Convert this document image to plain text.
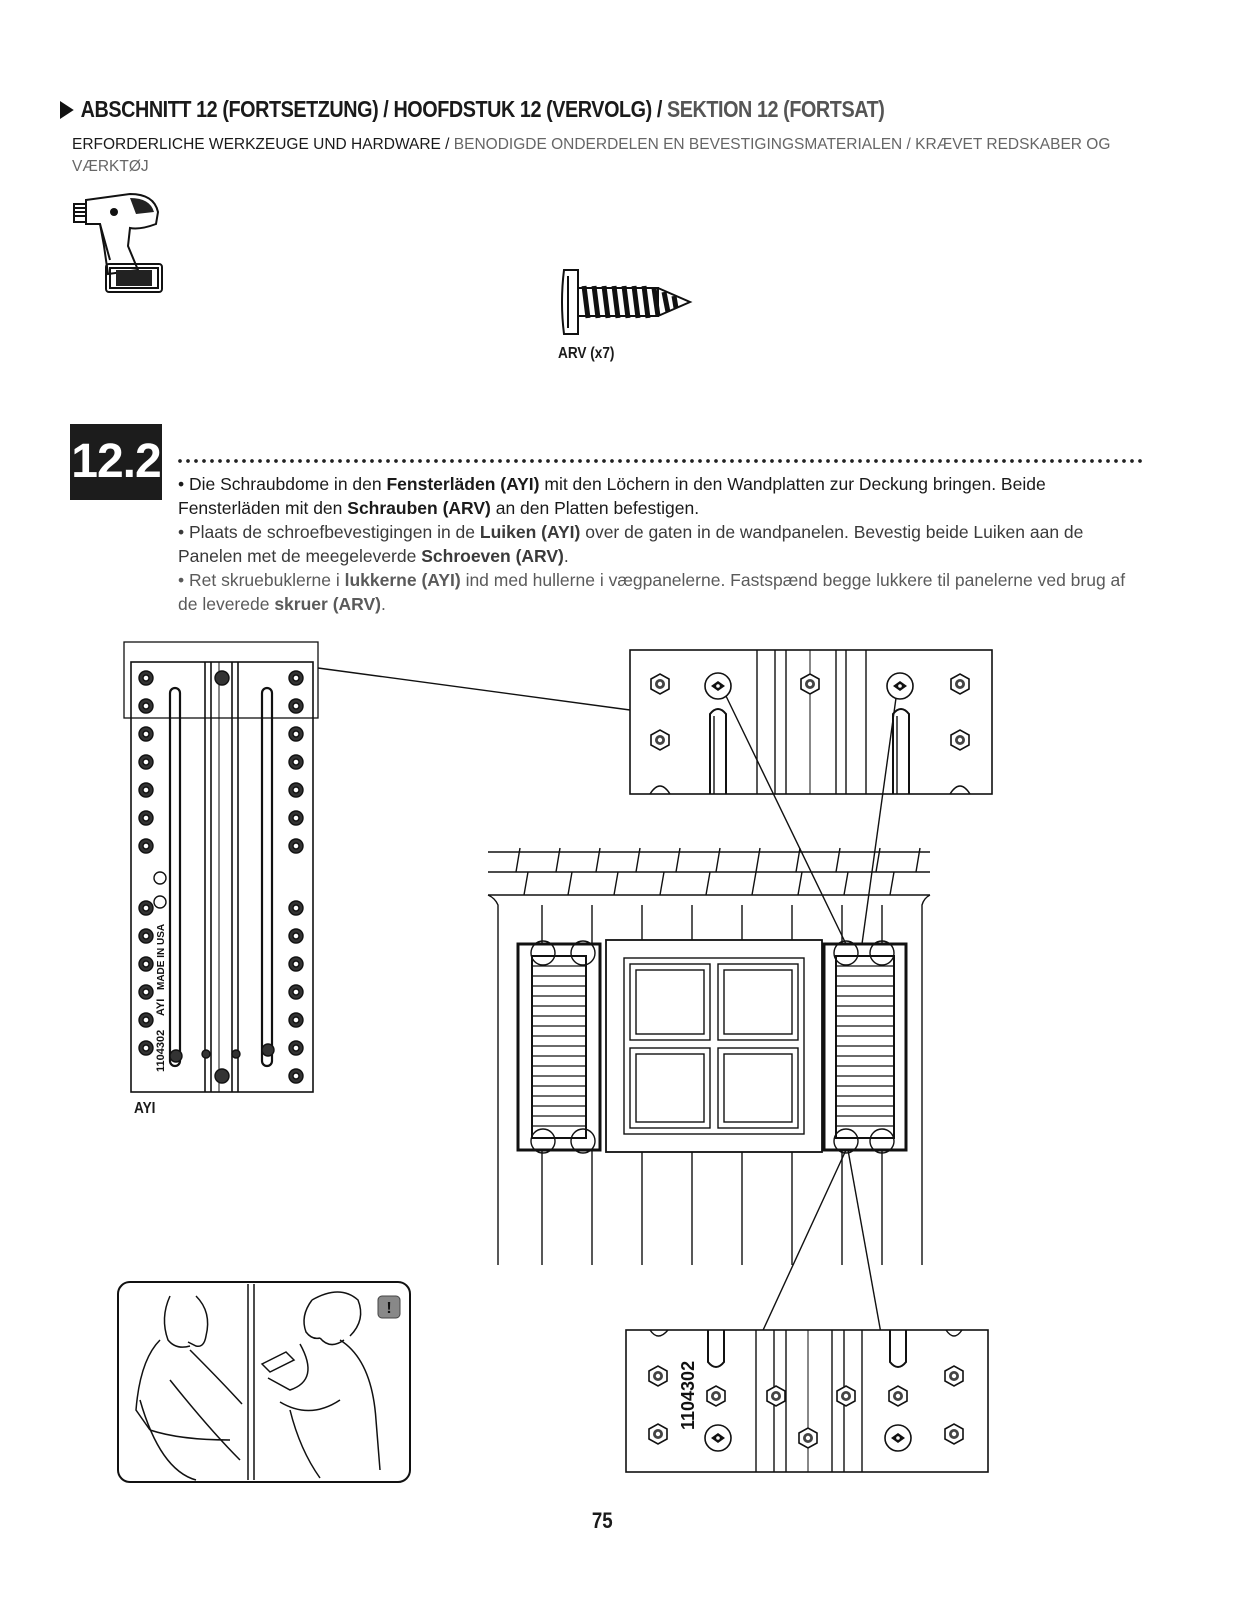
ABSCHNITT 12 (FORTSETZUNG) / HOOFDSTUK 12 (VERVOLG) / SEKTION 12 (FORTSAT)
ERFORDERLICHE WERKZEUGE UND HARDWARE / BENODIGDE ONDERDELEN EN BEVESTIGINGSMATERIALEN / KRÆVET REDSKABER OG VÆRKTØJ
ARV (x7)
12.2 • Die Schraubdome in den Fensterläden (AYI) mit den Löchern in den Wandplatten zur Deckung bringen. Beide Fensterläden mit den Schrauben (ARV) an den Platten befestigen.

• Plaats de schroefbevestigingen in de Luiken (AYI) over de gaten in de wandpanelen. Bevestig beide Luiken aan de Panelen met de meegeleverde Schroeven (ARV).

• Ret skruebuklerne i lukkerne (AYI) ind med hullerne i vægpanelerne. Fastspænd begge lukkere til panelerne ved brug af de leverede skruer (ARV).

1104302
AYI
MADE IN USA
1104302
!
AYI
75
